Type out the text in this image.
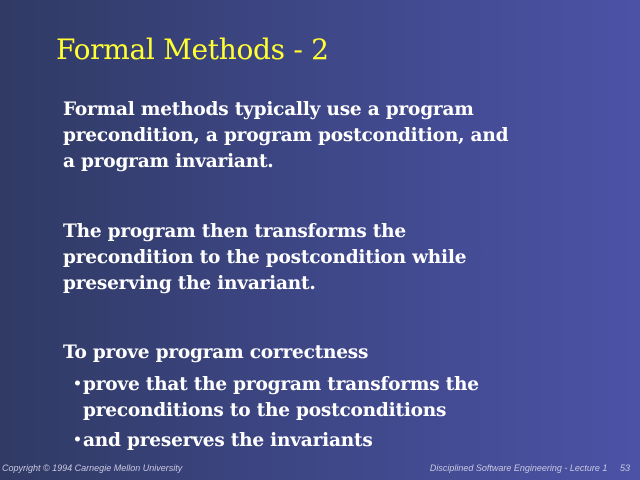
Formal Methods - 2

Formal methods typically use a program
precondition, a program postcondition, and
a program invariant.

The program then transforms the
precondition to the postcondition while
preserving the invariant.

To prove program correctness

•prove that the program transforms the
preconditions to the postconditions
•and preserves the invariants
Copyright © 1994 Carnegie Mellon University	Disciplined Software Engineering - Lecture 1 53
